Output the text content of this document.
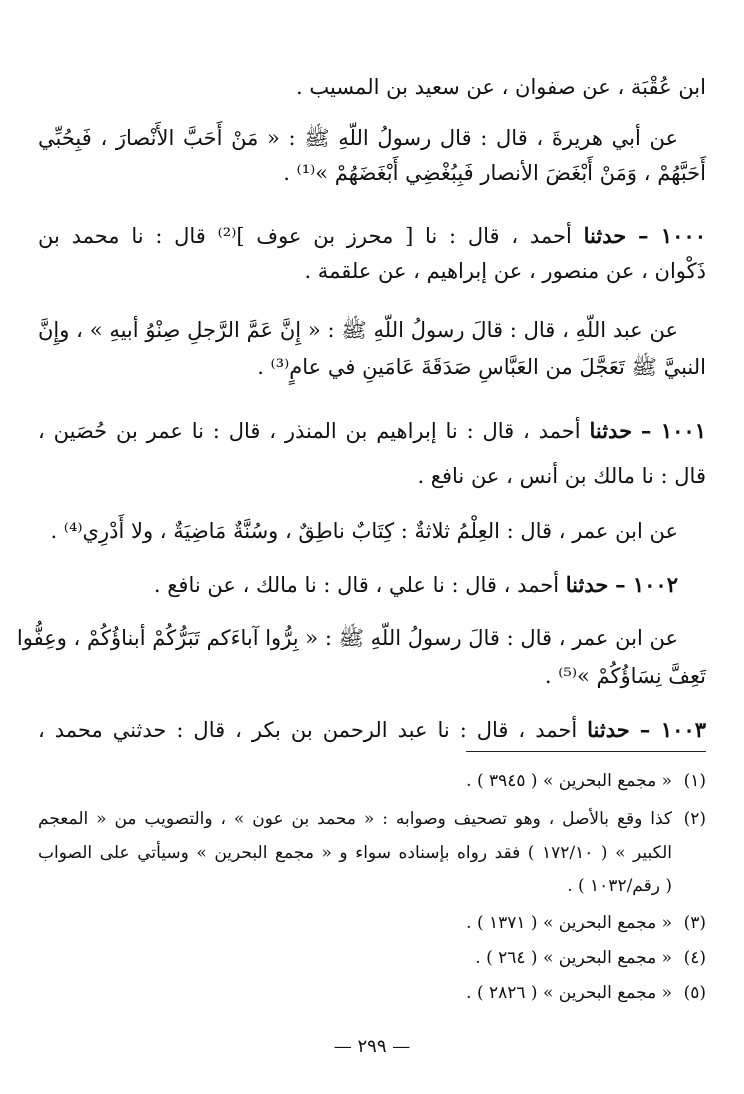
ابن عُقْبَة ، عن صفوان ، عن سعيد بن المسيب .
عن أبي هريرةَ ، قال : قال رسولُ اللّهِ ﷺ : « مَنْ أَحَبَّ الأَنْصارَ ، فَبِحُبِّي
أَحَبَّهُمْ ، وَمَنْ أَبْغَضَ الأنصار فَبِبُغْضِي أَبْغَضَهُمْ »⁽¹⁾ .
١٠٠٠ – حدثنا أحمد ، قال : نا [ محرز بن عوف ]⁽²⁾ قال : نا محمد بن
ذَكْوان ، عن منصور ، عن إبراهيم ، عن علقمة .
عن عبد اللّهِ ، قال : قالَ رسولُ اللّهِ ﷺ : « إِنَّ عَمَّ الرَّجلِ صِنْوُ أبيهِ » ، وإِنَّ
النبيَّ ﷺ تَعَجَّلَ من العَبَّاسِ صَدَقَةَ عَامَينِ في عامٍ⁽³⁾ .
١٠٠١ – حدثنا أحمد ، قال : نا إبراهيم بن المنذر ، قال : نا عمر بن حُصَين ،
قال : نا مالك بن أنس ، عن نافع .
عن ابن عمر ، قال : العِلْمُ ثلاثةٌ : كِتَابٌ ناطِقٌ ، وسُنَّةٌ مَاضِيَةٌ ، ولا أَدْرِي⁽⁴⁾ .
١٠٠٢ – حدثنا أحمد ، قال : نا علي ، قال : نا مالك ، عن نافع .
عن ابن عمر ، قال : قالَ رسولُ اللّهِ ﷺ : « بِرُّوا آباءَكم تَبَرُّكُمْ أبناؤُكُمْ ، وعِفُّوا
تَعِفَّ نِسَاؤُكُمْ »⁽⁵⁾ .
١٠٠٣ – حدثنا أحمد ، قال : نا عبد الرحمن بن بكر ، قال : حدثني محمد ،
(١)« مجمع البحرين » ( ٣٩٤٥ ) .
(٢)كذا وقع بالأصل ، وهو تصحيف وصوابه : « محمد بن عون » ، والتصويب من « المعجم
الكبير » ( ١٧٢/١٠ ) فقد رواه بإسناده سواء و « مجمع البحرين » وسيأتي على الصواب
( رقم/١٠٣٢ ) .
(٣)« مجمع البحرين » ( ١٣٧١ ) .
(٤)« مجمع البحرين » ( ٢٦٤ ) .
(٥)« مجمع البحرين » ( ٢٨٢٦ ) .
— ٢٩٩ —
